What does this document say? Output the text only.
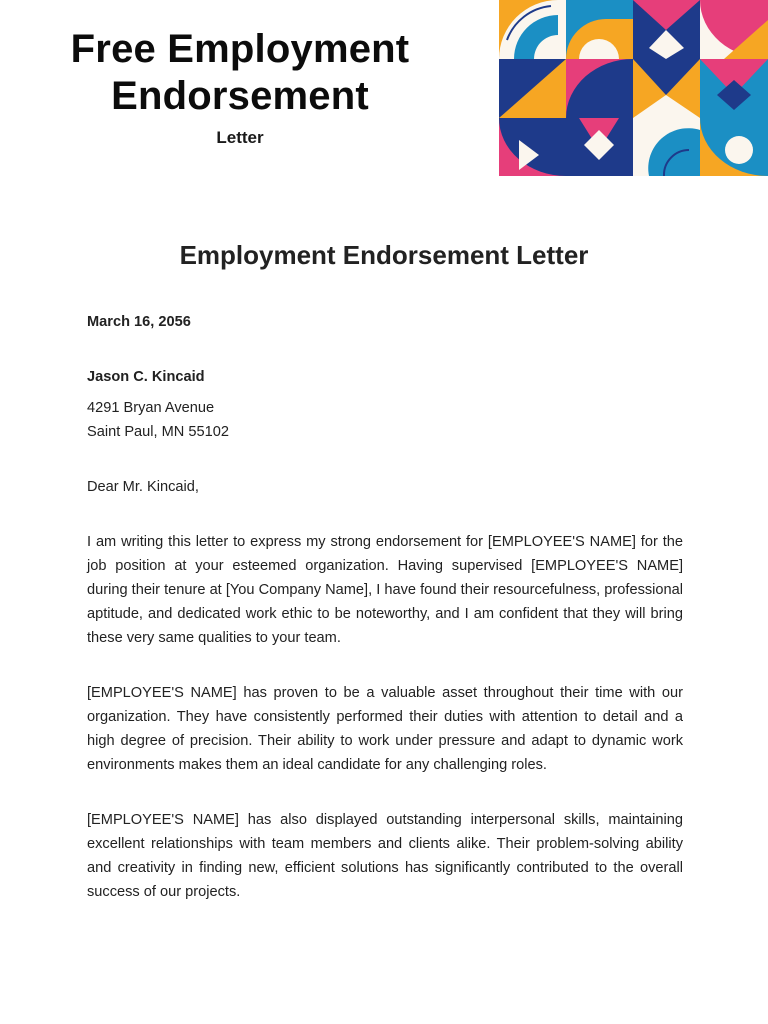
Free Employment
Endorsement
Letter
Employment Endorsement Letter

March 16, 2056

Jason C. Kincaid

4291 Bryan Avenue

Saint Paul, MN 55102

Dear Mr. Kincaid,

I am writing this letter to express my strong endorsement for [EMPLOYEE'S NAME] for the job position at your esteemed organization. Having supervised [EMPLOYEE'S NAME] during their tenure at [You Company Name], I have found their resourcefulness, professional aptitude, and dedicated work ethic to be noteworthy, and I am confident that they will bring these very same qualities to your team.

[EMPLOYEE'S NAME] has proven to be a valuable asset throughout their time with our organization. They have consistently performed their duties with attention to detail and a high degree of precision. Their ability to work under pressure and adapt to dynamic work environments makes them an ideal candidate for any challenging roles.

[EMPLOYEE'S NAME] has also displayed outstanding interpersonal skills, maintaining excellent relationships with team members and clients alike. Their problem-solving ability and creativity in finding new, efficient solutions has significantly contributed to the overall success of our projects.
